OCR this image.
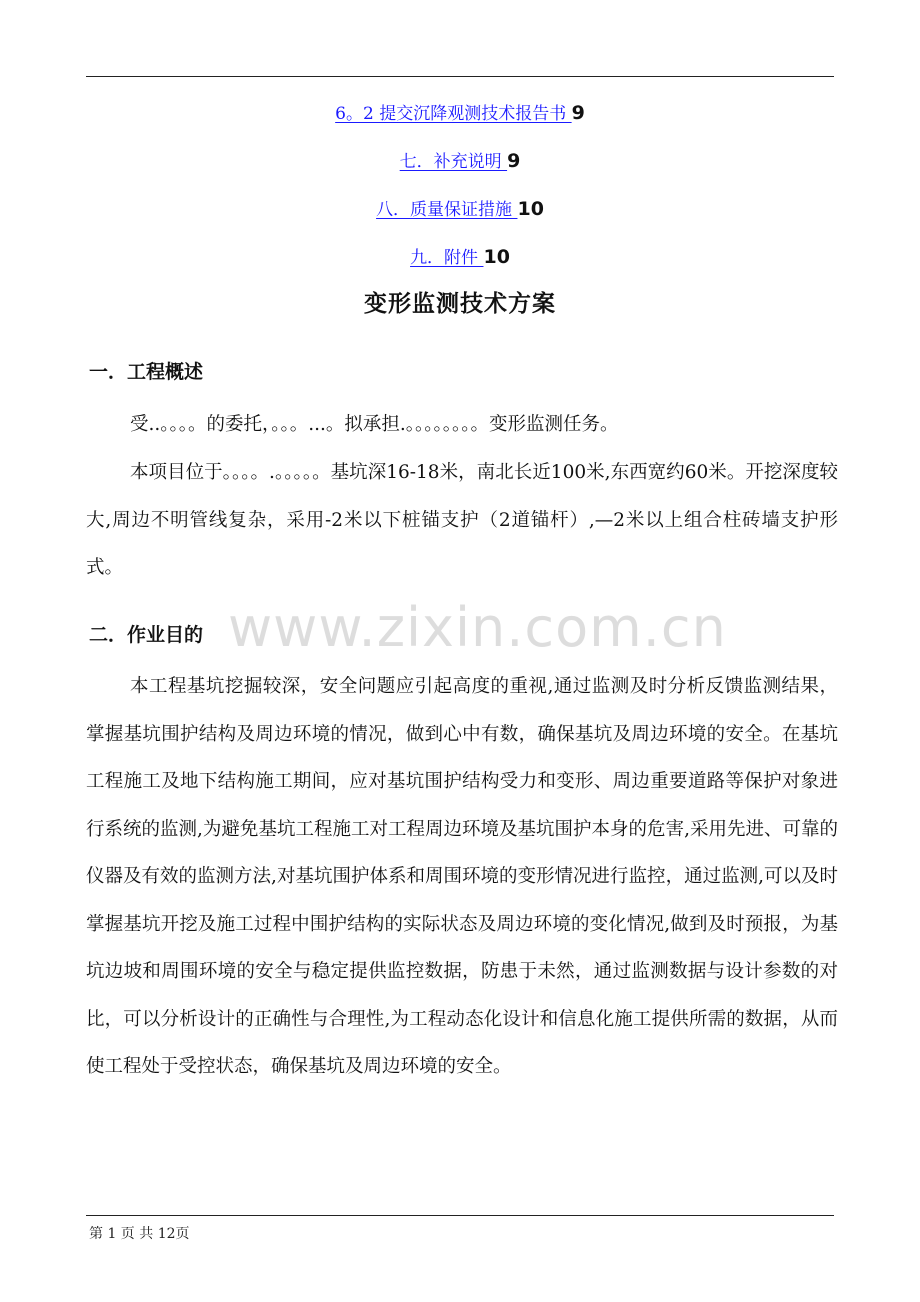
6。2 提交沉降观测技术报告书 9
七．补充说明 9
八．质量保证措施 10
九．附件 10
变形监测技术方案
一．工程概述
受..。。。。的委托，。。。...。拟承担.。。。。。。。。变形监测任务。
本项目位于。。。。.。。。。。基坑深16-18米，南北长近100米,东西宽约60米。开挖深度较大,周边不明管线复杂，采用-2米以下桩锚支护（2道锚杆）,—2米以上组合柱砖墙支护形式。
二．作业目的
本工程基坑挖掘较深，安全问题应引起高度的重视,通过监测及时分析反馈监测结果，掌握基坑围护结构及周边环境的情况，做到心中有数，确保基坑及周边环境的安全。在基坑工程施工及地下结构施工期间，应对基坑围护结构受力和变形、周边重要道路等保护对象进行系统的监测,为避免基坑工程施工对工程周边环境及基坑围护本身的危害,采用先进、可靠的仪器及有效的监测方法,对基坑围护体系和周围环境的变形情况进行监控，通过监测,可以及时掌握基坑开挖及施工过程中围护结构的实际状态及周边环境的变化情况,做到及时预报，为基坑边坡和周围环境的安全与稳定提供监控数据，防患于未然，通过监测数据与设计参数的对比，可以分析设计的正确性与合理性,为工程动态化设计和信息化施工提供所需的数据，从而使工程处于受控状态，确保基坑及周边环境的安全。
www.zixin.com.cn
第 1 页 共 12页
